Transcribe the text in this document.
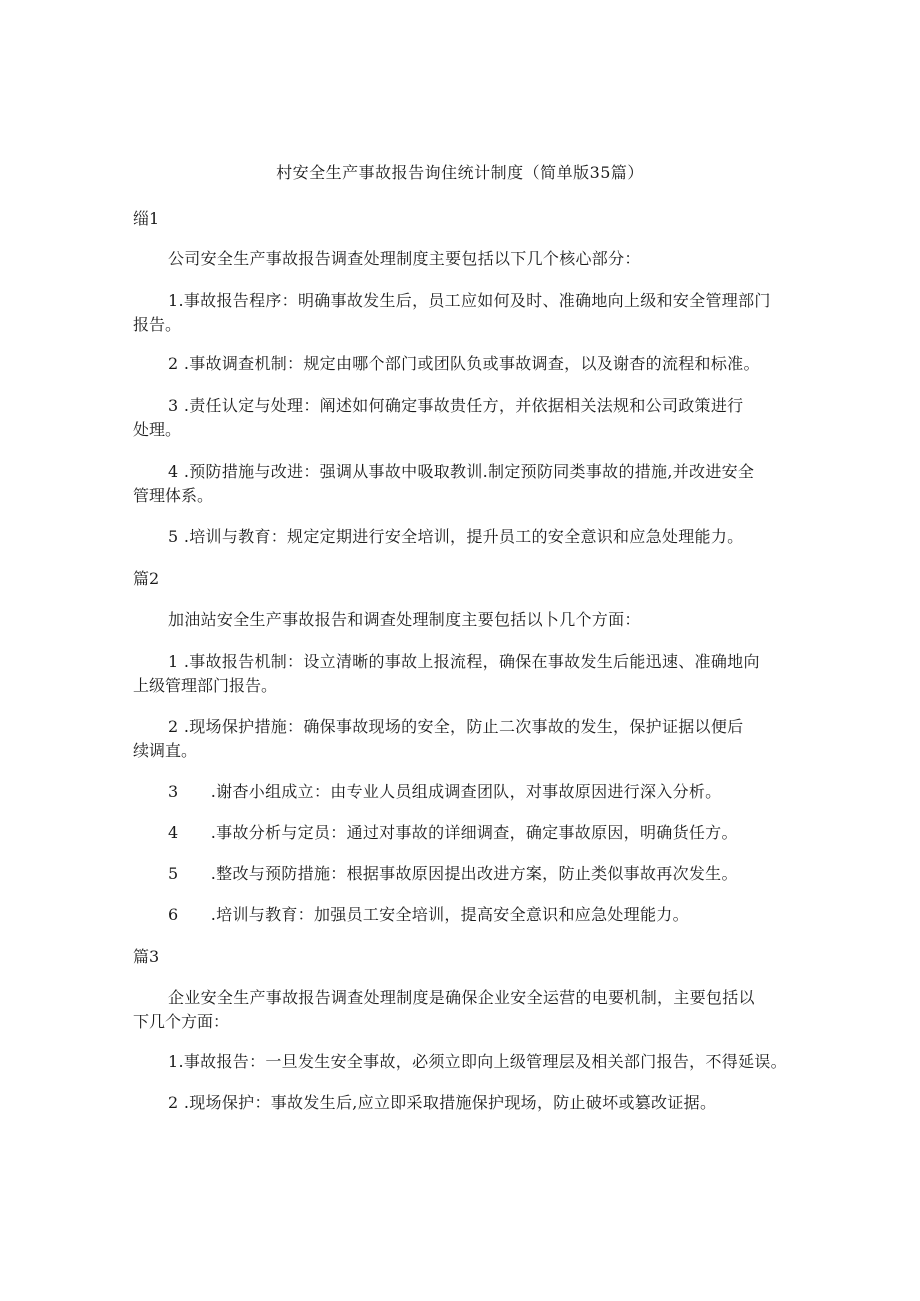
村安全生产事故报告询住统计制度（简单版35篇）
缁1
公司安全生产事故报告调查处理制度主要包括以下几个核心部分：
1.事故报告程序：明确事故发生后，员工应如何及时、准确地向上级和安全管理部门
报告。
2 .事故调查机制：规定由哪个部门或团队负或事故调查，以及谢杳的流程和标准。
3 .责任认定与处理：阐述如何确定事故贵任方，并依据相关法规和公司政策进行
处理。
4 .预防措施与改进：强调从事故中吸取教训.制定预防同类事故的措施,并改进安全
管理体系。
5 .培训与教育：规定定期进行安全培训，提升员工的安全意识和应急处理能力。
篇2
加油站安全生产事故报告和调查处理制度主要包括以卜几个方面：
1 .事故报告机制：设立清晰的事故上报流程，确保在事故发生后能迅速、准确地向
上级管理部门报告。
2 .现场保护措施：确保事故现场的安全，防止二次事故的发生，保护证据以便后
续调直。
3      .谢杳小组成立：由专业人员组成调查团队，对事故原因进行深入分析。
4      .事故分析与定员：通过对事故的详细调查，确定事故原因，明确货任方。
5      .整改与预防措施：根据事故原因提出改进方案，防止类似事故再次发生。
6      .培训与教育：加强员工安全培训，提高安全意识和应急处理能力。
篇3
企业安全生产事故报告调查处理制度是确保企业安全运营的电要机制，主要包括以
下几个方面：
1.事故报告：一旦发生安全事故，必须立即向上级管理层及相关部门报告，不得延误。
2 .现场保护：事故发生后,应立即采取措施保护现场，防止破坏或篡改证据。
